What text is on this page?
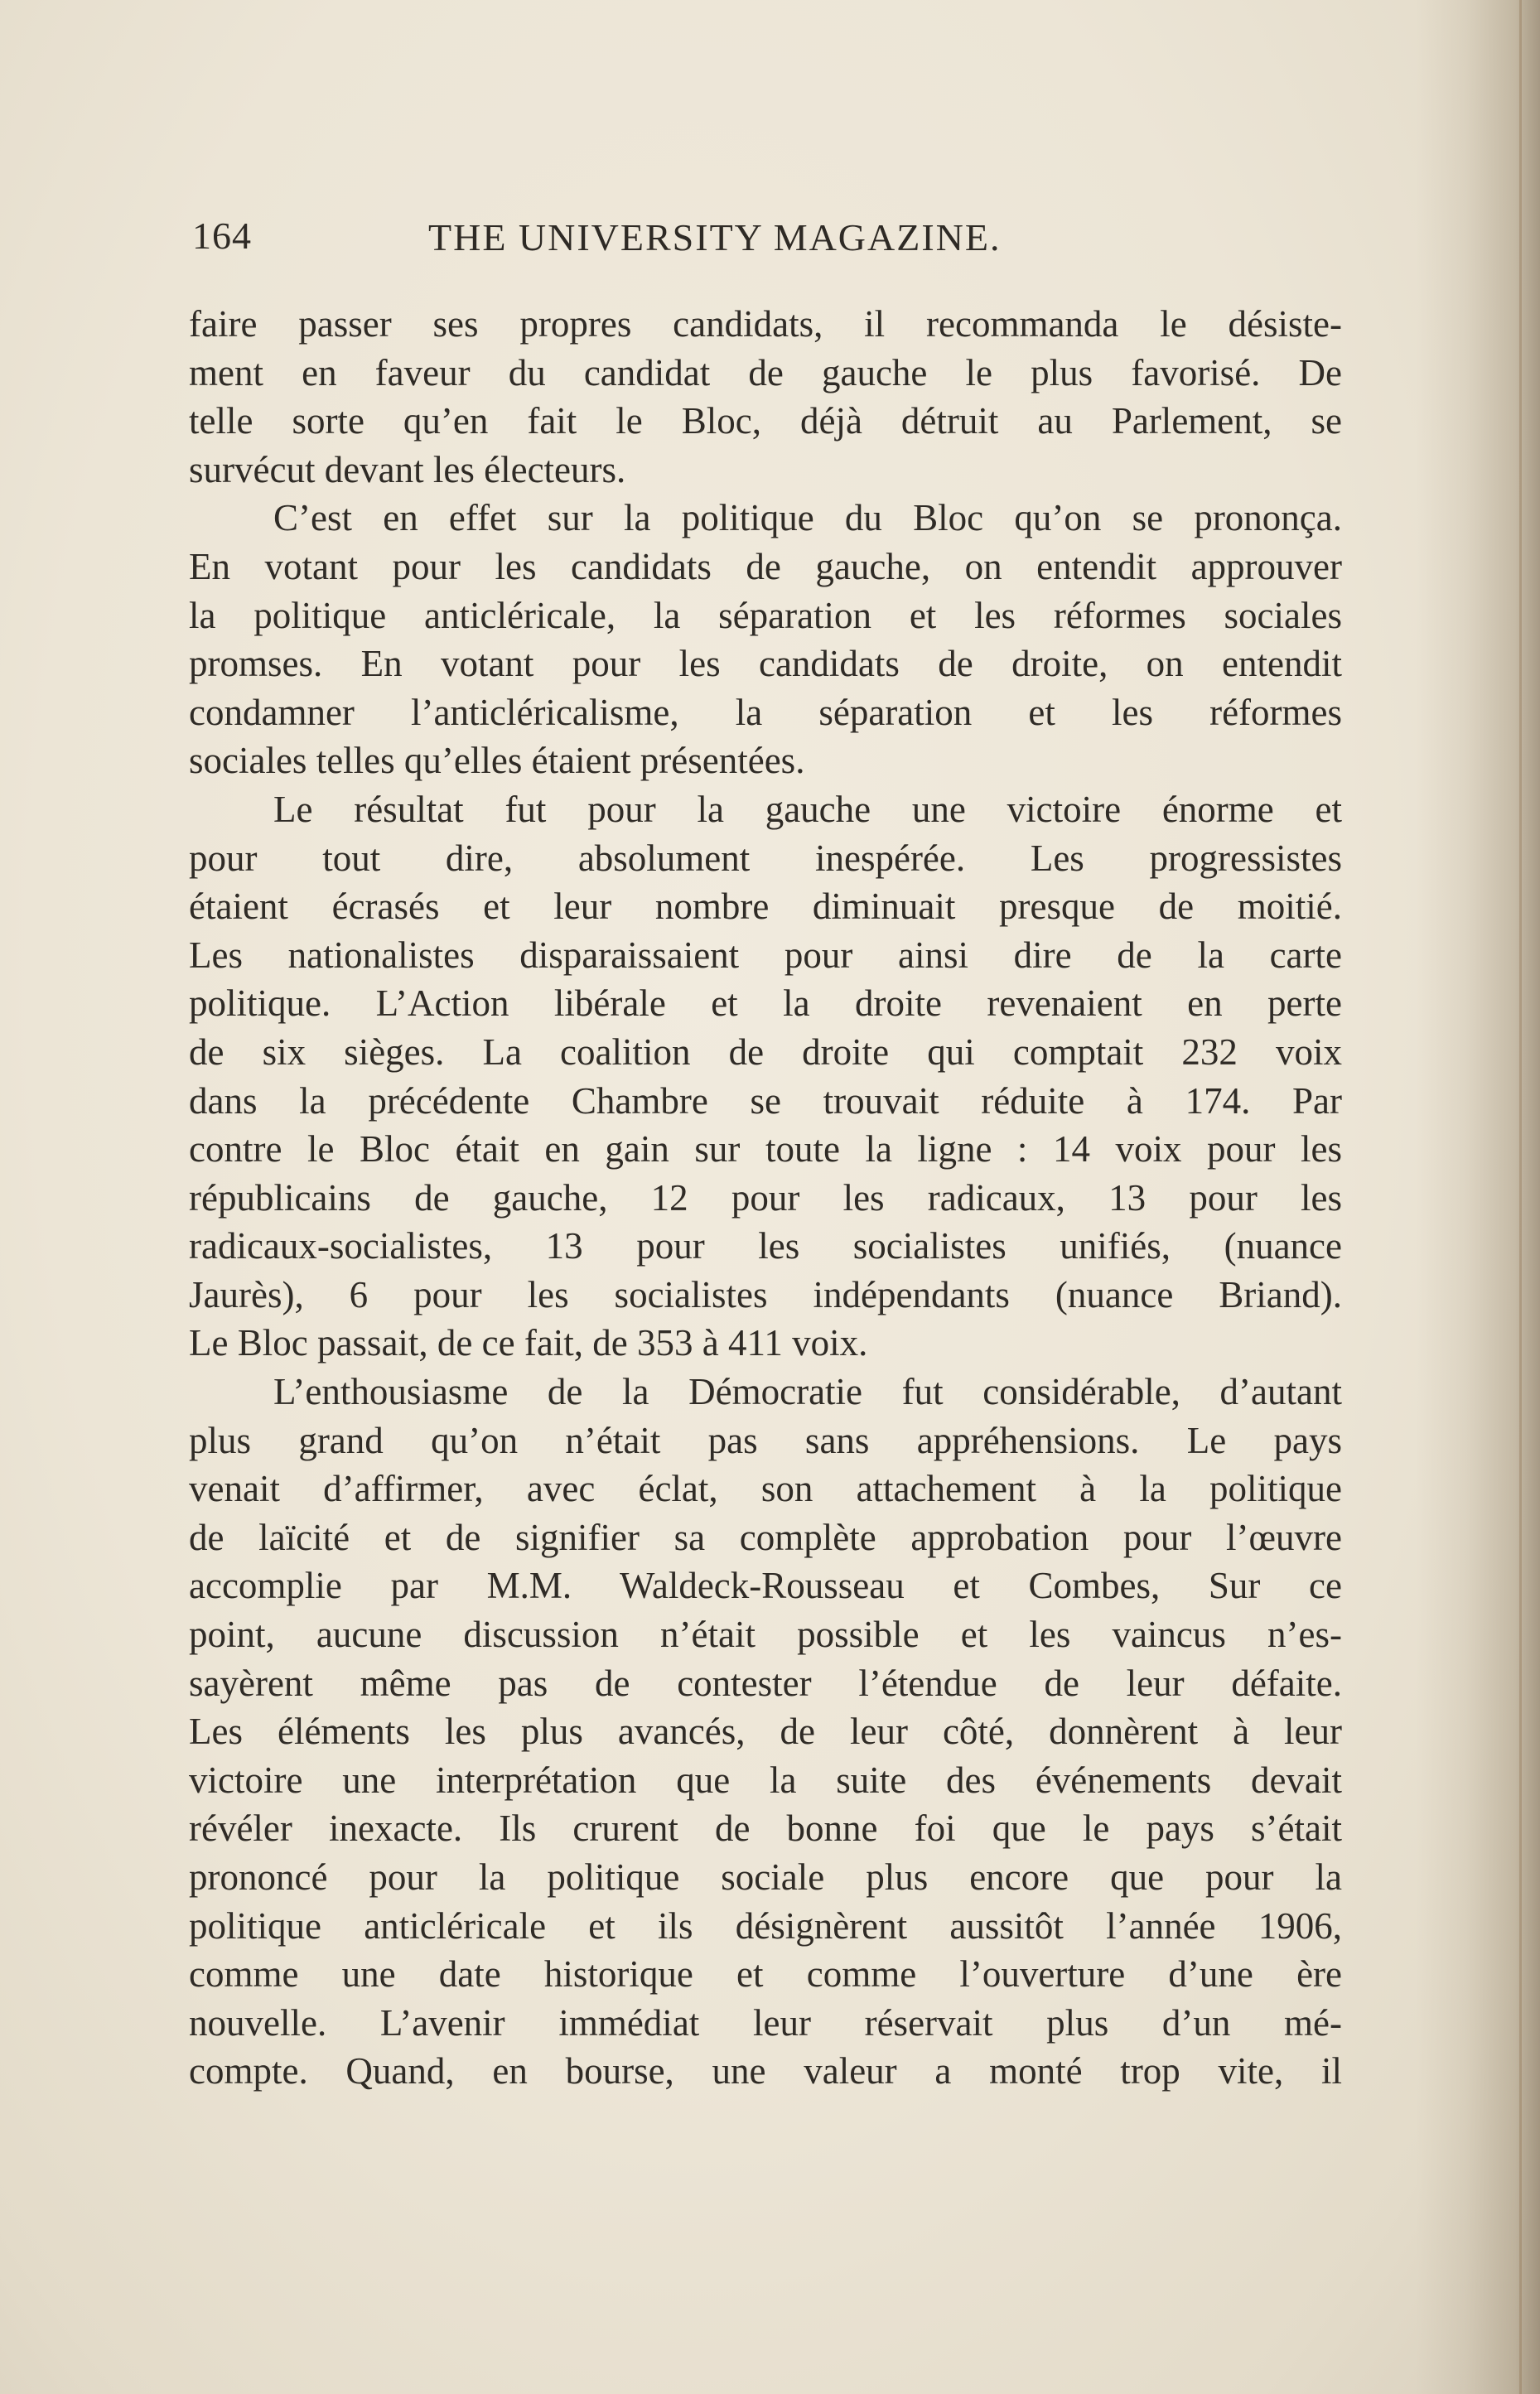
164	THE UNIVERSITY MAGAZINE.
faire passer ses propres candidats, il recommanda le désiste-
ment en faveur du candidat de gauche le plus favorisé. De
telle sorte qu’en fait le Bloc, déjà détruit au Parlement, se
survécut devant les électeurs.
C’est en effet sur la politique du Bloc qu’on se prononça.
En votant pour les candidats de gauche, on entendit approuver
la politique anticléricale, la séparation et les réformes sociales
promses. En votant pour les candidats de droite, on entendit
condamner l’anticléricalisme, la séparation et les réformes
sociales telles qu’elles étaient présentées.
Le résultat fut pour la gauche une victoire énorme et
pour tout dire, absolument inespérée. Les progressistes
étaient écrasés et leur nombre diminuait presque de moitié.
Les nationalistes disparaissaient pour ainsi dire de la carte
politique. L’Action libérale et la droite revenaient en perte
de six sièges. La coalition de droite qui comptait 232 voix
dans la précédente Chambre se trouvait réduite à 174. Par
contre le Bloc était en gain sur toute la ligne : 14 voix pour les
républicains de gauche, 12 pour les radicaux, 13 pour les
radicaux-socialistes, 13 pour les socialistes unifiés, (nuance
Jaurès), 6 pour les socialistes indépendants (nuance Briand).
Le Bloc passait, de ce fait, de 353 à 411 voix.
L’enthousiasme de la Démocratie fut considérable, d’autant
plus grand qu’on n’était pas sans appréhensions. Le pays
venait d’affirmer, avec éclat, son attachement à la politique
de laïcité et de signifier sa complète approbation pour l’œuvre
accomplie par M.M. Waldeck-Rousseau et Combes, Sur ce
point, aucune discussion n’était possible et les vaincus n’es-
sayèrent même pas de contester l’étendue de leur défaite.
Les éléments les plus avancés, de leur côté, donnèrent à leur
victoire une interprétation que la suite des événements devait
révéler inexacte. Ils crurent de bonne foi que le pays s’était
prononcé pour la politique sociale plus encore que pour la
politique anticléricale et ils désignèrent aussitôt l’année 1906,
comme une date historique et comme l’ouverture d’une ère
nouvelle. L’avenir immédiat leur réservait plus d’un mé-
compte. Quand, en bourse, une valeur a monté trop vite, il
